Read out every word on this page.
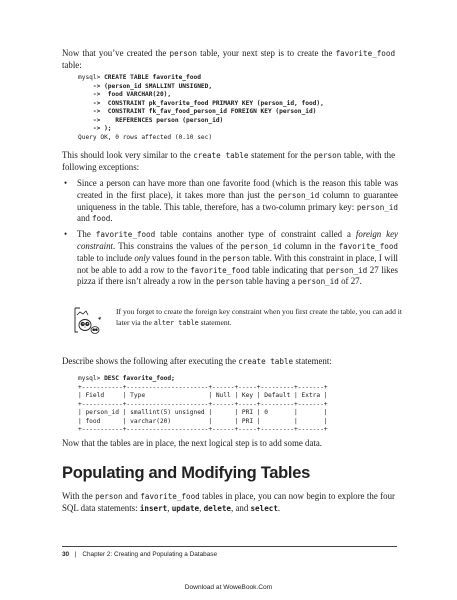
Now that you’ve created the person table, your next step is to create the favorite_food table:

mysql> CREATE TABLE favorite_food
-> (person_id SMALLINT UNSIGNED,
->  food VARCHAR(20),
->  CONSTRAINT pk_favorite_food PRIMARY KEY (person_id, food),
->  CONSTRAINT fk_fav_food_person_id FOREIGN KEY (person_id)
->    REFERENCES person (person_id)
-> );
Query OK, 0 rows affected (0.10 sec)

This should look very similar to the create table statement for the person table, with the following exceptions:

• Since a person can have more than one favorite food (which is the reason this table was created in the first place), it takes more than just the person_id column to guarantee uniqueness in the table. This table, therefore, has a two-column primary key: person_id and food.
• The favorite_food table contains another type of constraint called a foreign key constraint. This constrains the values of the person_id column in the favorite_food table to include only values found in the person table. With this constraint in place, I will not be able to add a row to the favorite_food table indicating that person_id 27 likes pizza if there isn’t already a row in the person table having a person_id of 27.
If you forget to create the foreign key constraint when you first create the table, you can add it later via the alter table statement.

Describe shows the following after executing the create table statement:

mysql> DESC favorite_food;
+-----------+----------------------+------+-----+---------+-------+
| Field     | Type                 | Null | Key | Default | Extra |
+-----------+----------------------+------+-----+---------+-------+
| person_id | smallint(5) unsigned |      | PRI | 0       |       |
| food      | varchar(20)          |      | PRI |         |       |
+-----------+----------------------+------+-----+---------+-------+

Now that the tables are in place, the next logical step is to add some data.

Populating and Modifying Tables

With the person and favorite_food tables in place, you can now begin to explore the four SQL data statements: insert, update, delete, and select.

30 | Chapter 2: Creating and Populating a Database
Download at WoweBook.Com
